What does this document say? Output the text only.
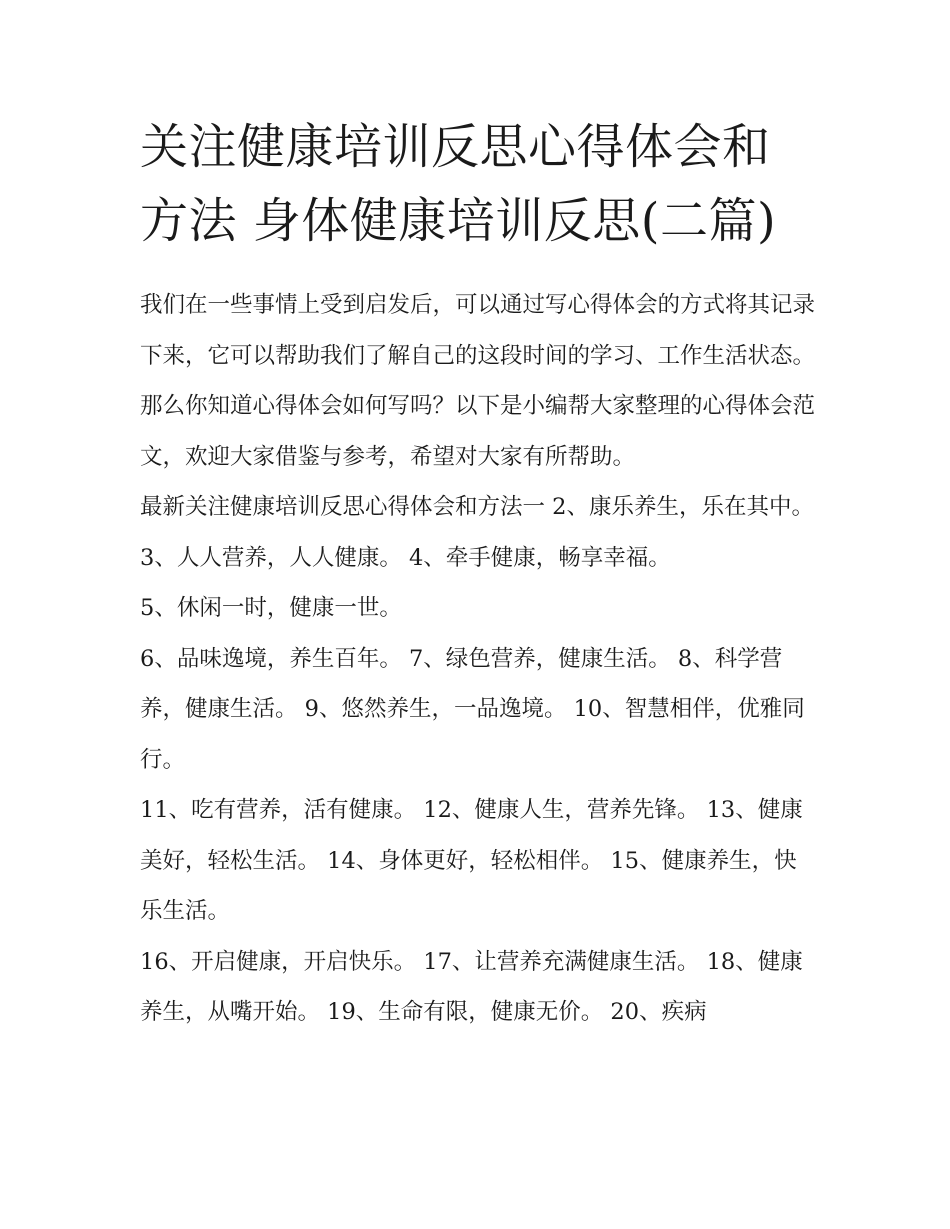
关注健康培训反思心得体会和方法 身体健康培训反思(二篇)

我们在一些事情上受到启发后，可以通过写心得体会的方式将其记录下来，它可以帮助我们了解自己的这段时间的学习、工作生活状态。那么你知道心得体会如何写吗？以下是小编帮大家整理的心得体会范文，欢迎大家借鉴与参考，希望对大家有所帮助。

最新关注健康培训反思心得体会和方法一 2、康乐养生，乐在其中。 3、人人营养，人人健康。 4、牵手健康，畅享幸福。

5、休闲一时，健康一世。

6、品味逸境，养生百年。 7、绿色营养，健康生活。 8、科学营养，健康生活。 9、悠然养生，一品逸境。 10、智慧相伴，优雅同行。

11、吃有营养，活有健康。 12、健康人生，营养先锋。 13、健康美好，轻松生活。 14、身体更好，轻松相伴。 15、健康养生，快乐生活。

16、开启健康，开启快乐。 17、让营养充满健康生活。 18、健康养生，从嘴开始。 19、生命有限，健康无价。 20、疾病
